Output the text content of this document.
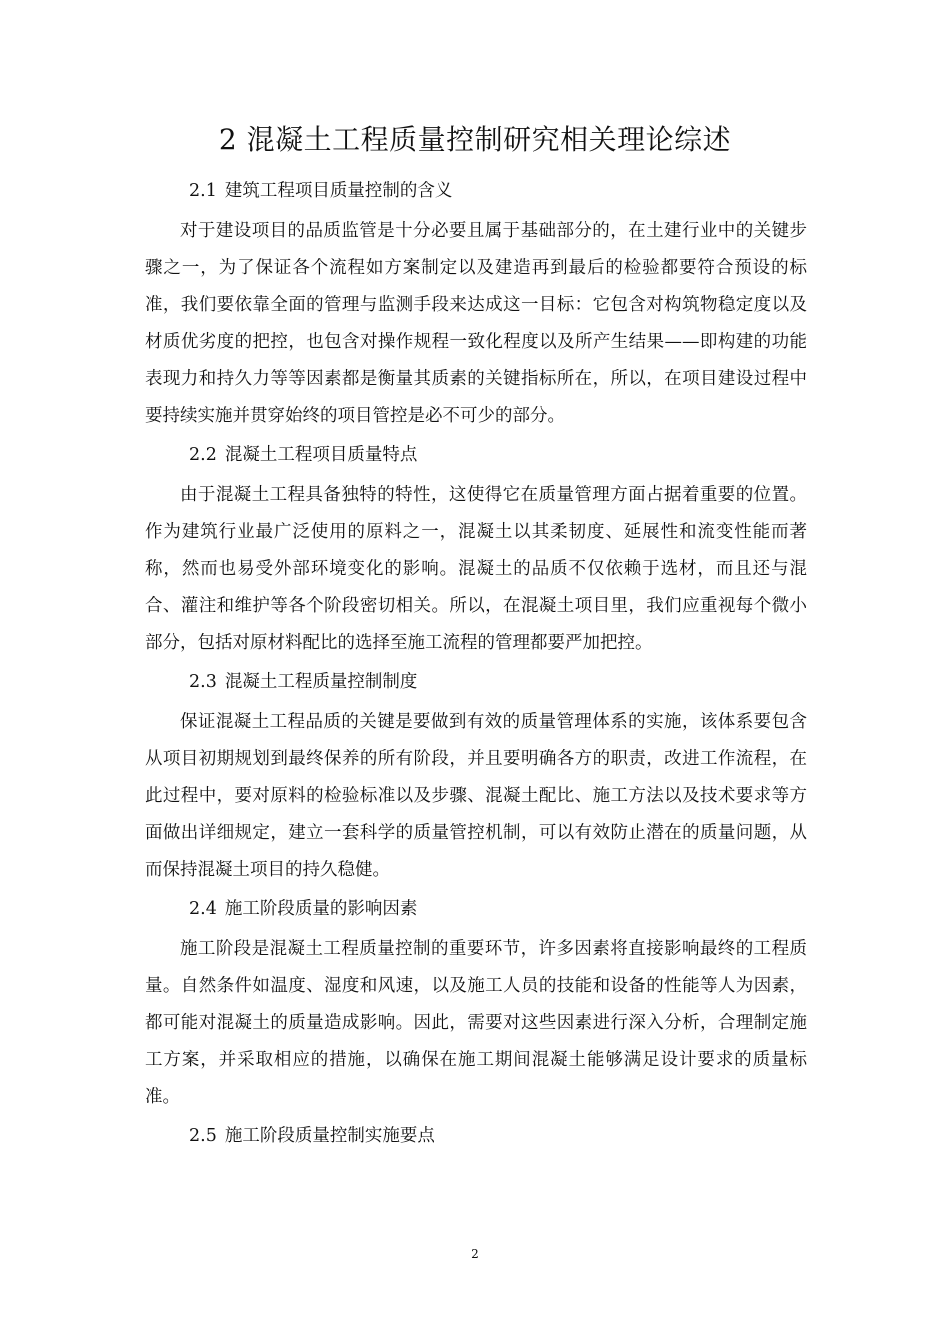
2 混凝土工程质量控制研究相关理论综述
2.1 建筑工程项目质量控制的含义

对于建设项目的品质监管是十分必要且属于基础部分的，在土建行业中的关键步骤之一，为了保证各个流程如方案制定以及建造再到最后的检验都要符合预设的标准，我们要依靠全面的管理与监测手段来达成这一目标：它包含对构筑物稳定度以及材质优劣度的把控，也包含对操作规程一致化程度以及所产生结果——即构建的功能表现力和持久力等等因素都是衡量其质素的关键指标所在，所以，在项目建设过程中要持续实施并贯穿始终的项目管控是必不可少的部分。

2.2 混凝土工程项目质量特点

由于混凝土工程具备独特的特性，这使得它在质量管理方面占据着重要的位置。作为建筑行业最广泛使用的原料之一，混凝土以其柔韧度、延展性和流变性能而著称，然而也易受外部环境变化的影响。混凝土的品质不仅依赖于选材，而且还与混合、灌注和维护等各个阶段密切相关。所以，在混凝土项目里，我们应重视每个微小部分，包括对原材料配比的选择至施工流程的管理都要严加把控。

2.3 混凝土工程质量控制制度

保证混凝土工程品质的关键是要做到有效的质量管理体系的实施，该体系要包含从项目初期规划到最终保养的所有阶段，并且要明确各方的职责，改进工作流程，在此过程中，要对原料的检验标准以及步骤、混凝土配比、施工方法以及技术要求等方面做出详细规定，建立一套科学的质量管控机制，可以有效防止潜在的质量问题，从而保持混凝土项目的持久稳健。

2.4 施工阶段质量的影响因素

施工阶段是混凝土工程质量控制的重要环节，许多因素将直接影响最终的工程质量。自然条件如温度、湿度和风速，以及施工人员的技能和设备的性能等人为因素，都可能对混凝土的质量造成影响。因此，需要对这些因素进行深入分析，合理制定施工方案，并采取相应的措施，以确保在施工期间混凝土能够满足设计要求的质量标准。

2.5 施工阶段质量控制实施要点
2
